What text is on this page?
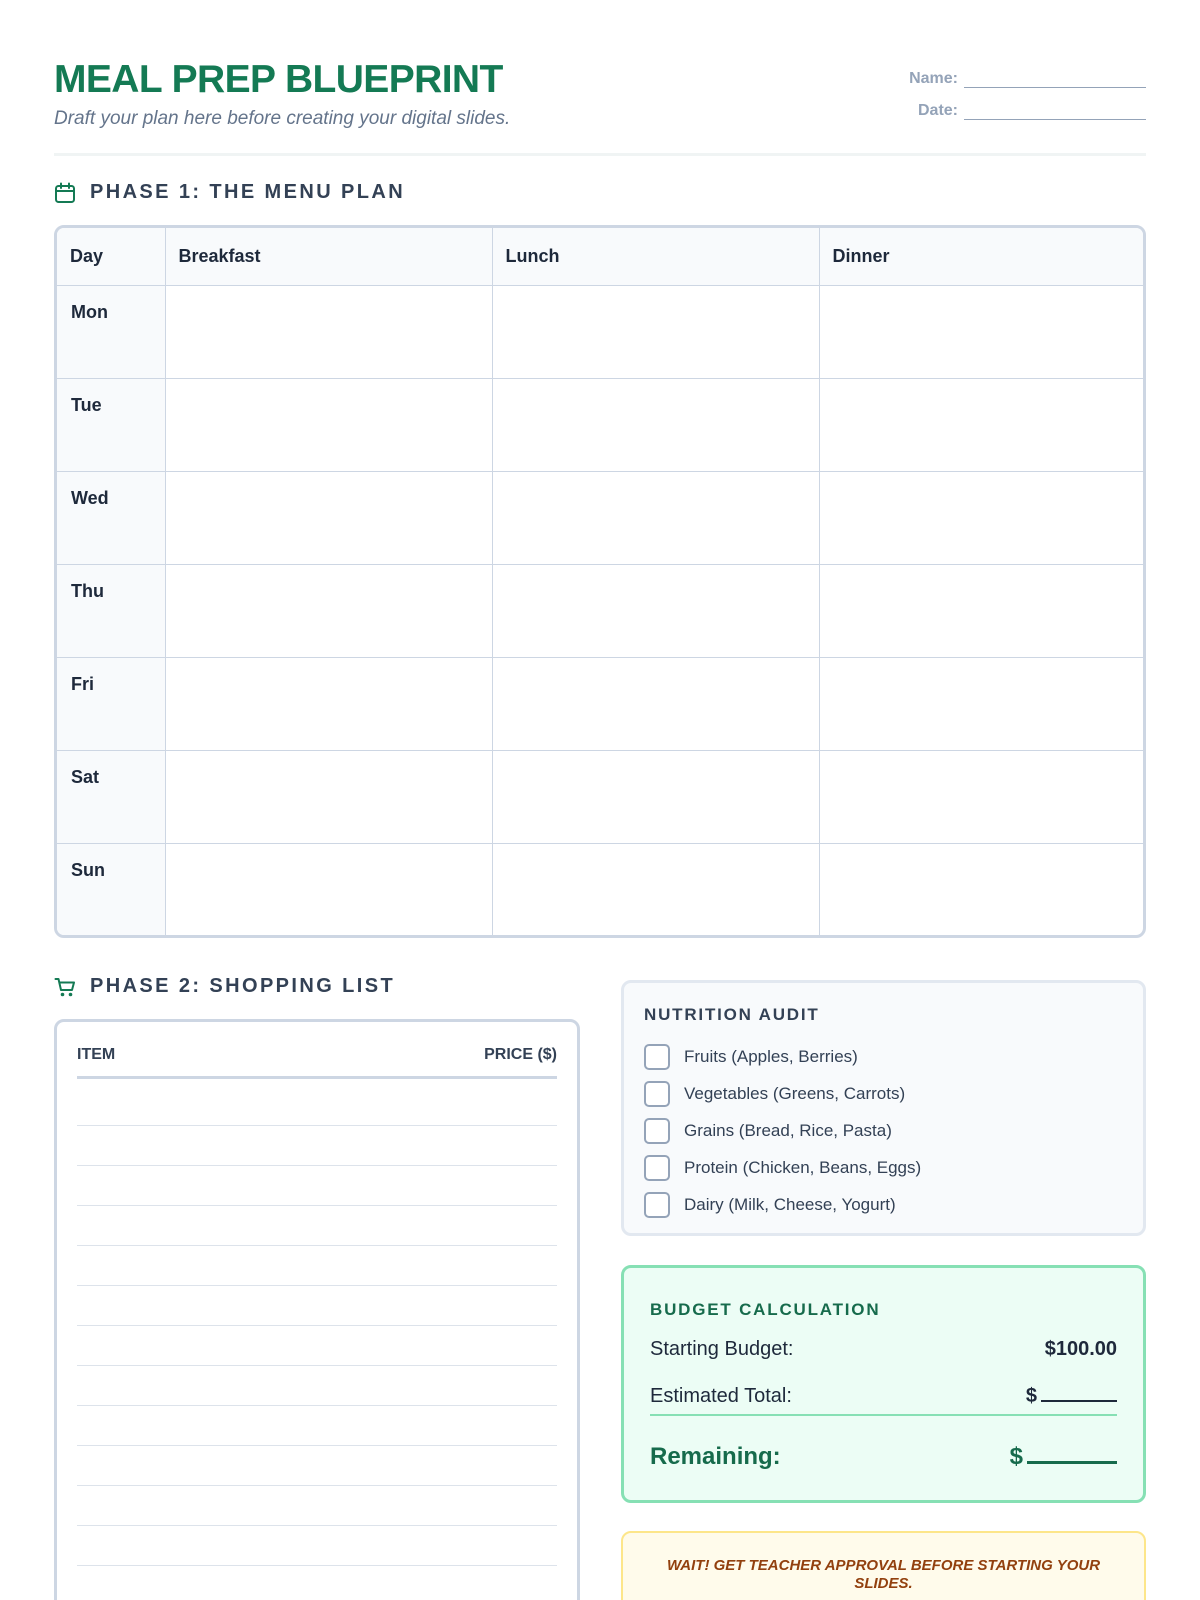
MEAL PREP BLUEPRINT
Draft your plan here before creating your digital slides.
Name:
Date:
PHASE 1: THE MENU PLAN
Day	Breakfast	Lunch	Dinner
Mon			
Tue			
Wed			
Thu			
Fri			
Sat			
Sun			
PHASE 2: SHOPPING LIST
ITEM	PRICE ($)
NUTRITION AUDIT
Fruits (Apples, Berries)
Vegetables (Greens, Carrots)
Grains (Bread, Rice, Pasta)
Protein (Chicken, Beans, Eggs)
Dairy (Milk, Cheese, Yogurt)
BUDGET CALCULATION
Starting Budget:	$100.00
Estimated Total:	$
Remaining:	$
WAIT! GET TEACHER APPROVAL BEFORE STARTING YOUR SLIDES.
